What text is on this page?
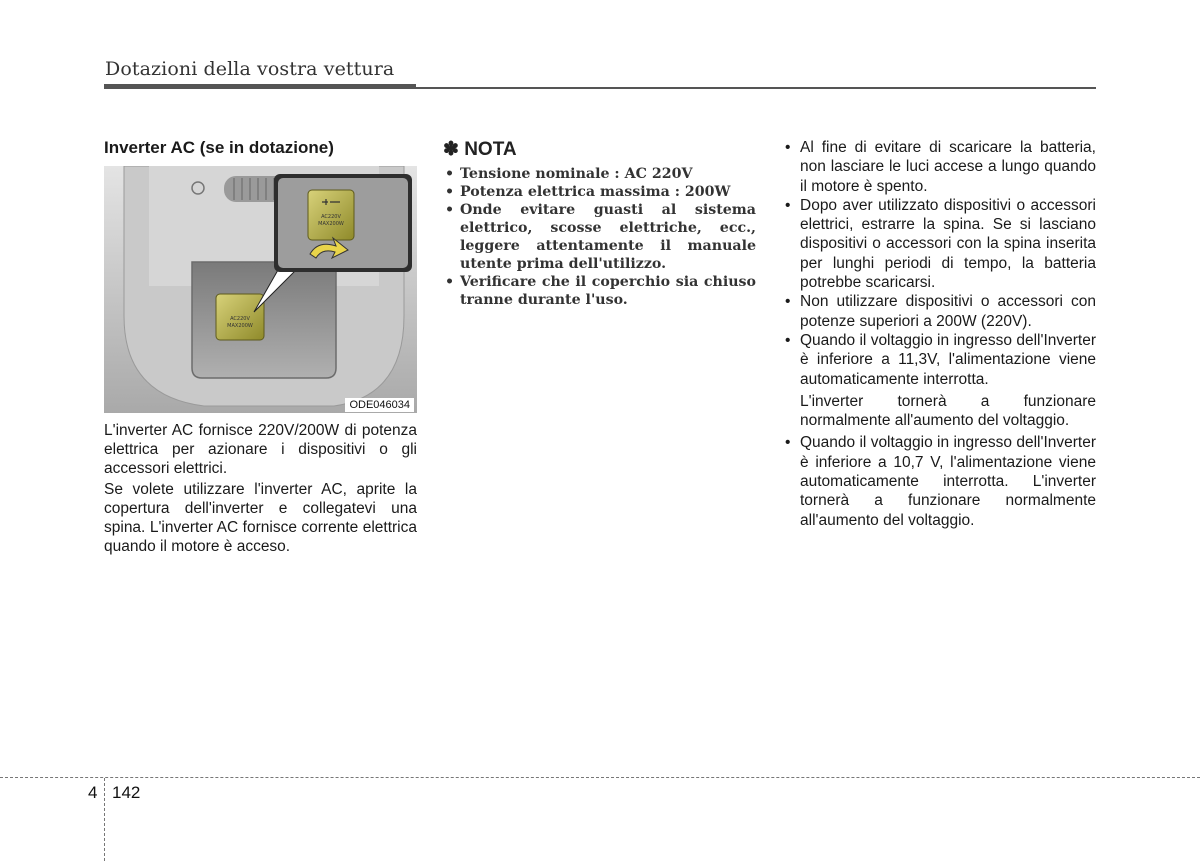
Dotazioni della vostra vettura
Inverter AC (se in dotazione)
AC220V
MAX200W
AC220V
MAX200W
ODE046034

L'inverter AC fornisce 220V/200W di potenza elettrica per azionare i dispositivi o gli accessori elettrici.

Se volete utilizzare l'inverter AC, aprite la copertura dell'inverter e collegatevi una spina. L'inverter AC fornisce corrente elettrica quando il motore è acceso.

✽ NOTA
• Tensione nominale : AC 220V
• Potenza elettrica massima : 200W
• Onde evitare guasti al sistema elettrico, scosse elettriche, ecc., leggere attentamente il manuale utente prima dell'utilizzo.
• Verificare che il coperchio sia chiuso tranne durante l'uso.
• Al fine di evitare di scaricare la batteria, non lasciare le luci accese a lungo quando il motore è spento.
• Dopo aver utilizzato dispositivi o accessori elettrici, estrarre la spina. Se si lasciano dispositivi o accessori con la spina inserita per lunghi periodi di tempo, la batteria potrebbe scaricarsi.
• Non utilizzare dispositivi o accessori con potenze superiori a 200W (220V).
• Quando il voltaggio in ingresso dell'Inverter è inferiore a 11,3V, l'alimentazione viene automaticamente interrotta.

L'inverter tornerà a funzionare normalmente all'aumento del voltaggio.

• Quando il voltaggio in ingresso dell'Inverter è inferiore a 10,7 V, l'alimentazione viene automaticamente interrotta. L'inverter tornerà a funzionare normalmente all'aumento del voltaggio.
4 142
